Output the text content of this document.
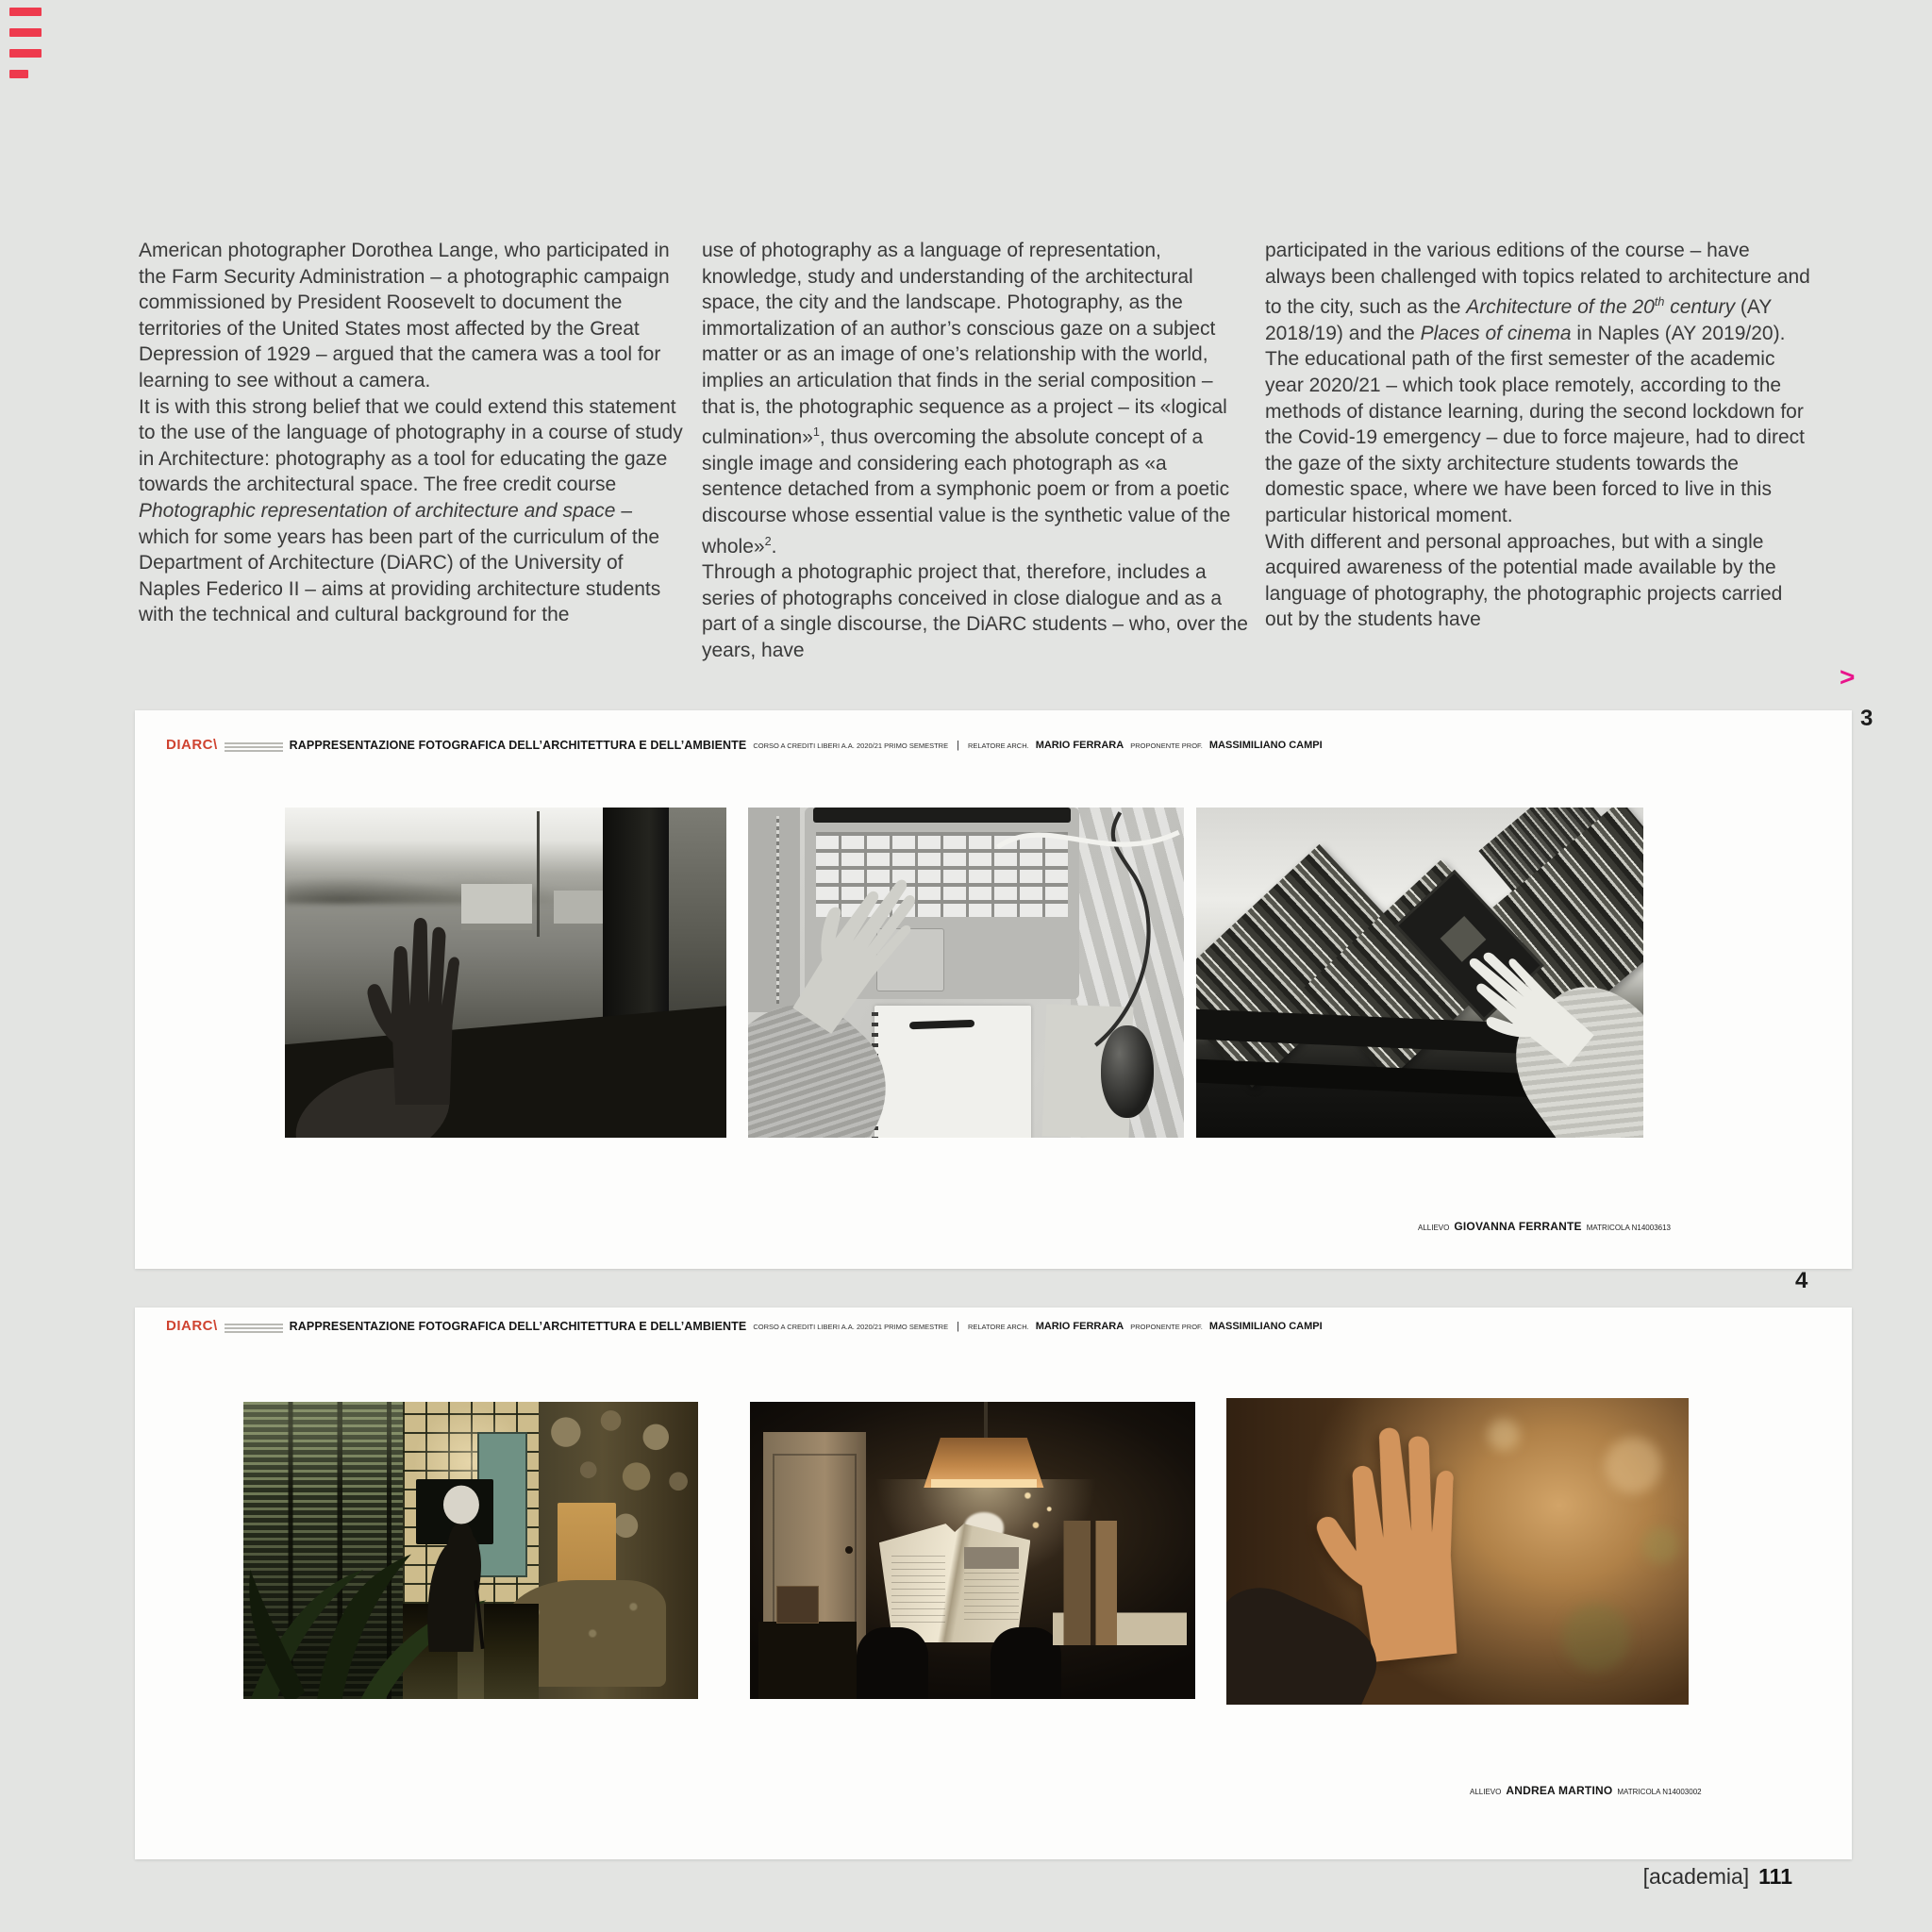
American photographer Dorothea Lange, who participated in the Farm Security Administration – a photographic campaign commissioned by President Roosevelt to document the territories of the United States most affected by the Great Depression of 1929 – argued that the camera was a tool for learning to see without a camera.

It is with this strong belief that we could extend this statement to the use of the language of photography in a course of study in Architecture: photography as a tool for educating the gaze towards the architectural space. The free credit course Photographic representation of architecture and space – which for some years has been part of the curriculum of the Department of Architecture (DiARC) of the University of Naples Federico II – aims at providing architecture students with the technical and cultural background for the

use of photography as a language of representation, knowledge, study and understanding of the architectural space, the city and the landscape. Photography, as the immortalization of an author’s conscious gaze on a subject matter or as an image of one’s relationship with the world, implies an articulation that finds in the serial composition – that is, the photographic sequence as a project – its «logical culmination»$^1$, thus overcoming the absolute concept of a single image and considering each photograph as «a sentence detached from a symphonic poem or from a poetic discourse whose essential value is the synthetic value of the whole»$^2$.

Through a photographic project that, therefore, includes a series of photographs conceived in close dialogue and as a part of a single discourse, the DiARC students – who, over the years, have

participated in the various editions of the course – have always been challenged with topics related to architecture and to the city, such as the Architecture of the 20th century (AY 2018/19) and the Places of cinema in Naples (AY 2019/20).

The educational path of the first semester of the academic year 2020/21 – which took place remotely, according to the methods of distance learning, during the second lockdown for the Covid-19 emergency – due to force majeure, had to direct the gaze of the sixty architecture students towards the domestic space, where we have been forced to live in this particular historical moment.

With different and personal approaches, but with a single acquired awareness of the potential made available by the language of photography, the photographic projects carried out by the students have

>
3
DIARC\	RAPPRESENTAZIONE FOTOGRAFICA DELL’ARCHITETTURA E DELL’AMBIENTE CORSO A CREDITI LIBERI A.A. 2020/21 PRIMO SEMESTRE | RELATORE ARCH. MARIO FERRARA PROPONENTE PROF. MASSIMILIANO CAMPI
ALLIEVO GIOVANNA FERRANTE MATRICOLA N14003613
4
DIARC\	RAPPRESENTAZIONE FOTOGRAFICA DELL’ARCHITETTURA E DELL’AMBIENTE CORSO A CREDITI LIBERI A.A. 2020/21 PRIMO SEMESTRE | RELATORE ARCH. MARIO FERRARA PROPONENTE PROF. MASSIMILIANO CAMPI
ALLIEVO ANDREA MARTINO MATRICOLA N14003002
[academia] 111
